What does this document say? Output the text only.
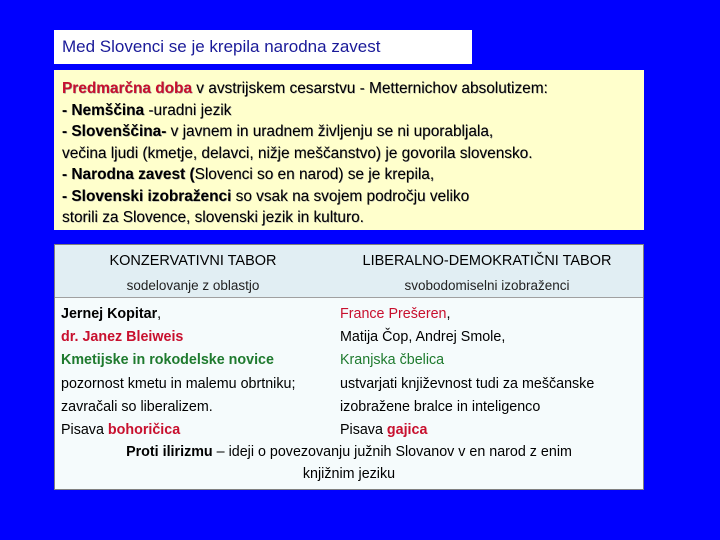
Med Slovenci se je krepila narodna zavest
Predmarčna doba v avstrijskem cesarstvu - Metternichov absolutizem:
- Nemščina -uradni jezik
- Slovenščina- v javnem in uradnem življenju se ni uporabljala,
večina ljudi (kmetje, delavci, nižje meščanstvo) je govorila slovensko.
- Narodna zavest (Slovenci so en narod) se je krepila,
- Slovenski izobraženci so vsak na svojem področju veliko
storili za Slovence, slovenski jezik in kulturo.
KONZERVATIVNI TABOR
sodelovanje z oblastjo
LIBERALNO-DEMOKRATIČNI TABOR
svobodomiselni izobraženci
Jernej Kopitar,
dr. Janez Bleiweis
Kmetijske in rokodelske novice
pozornost kmetu in malemu obrtniku;
zavračali so liberalizem.
Pisava bohoričica
France Prešeren,
Matija Čop, Andrej Smole,
Kranjska čbelica
ustvarjati književnost tudi za meščanske
izobražene bralce in inteligenco
Pisava gajica
Proti ilirizmu – ideji o povezovanju južnih Slovanov v en narod z enim
knjižnim jeziku
